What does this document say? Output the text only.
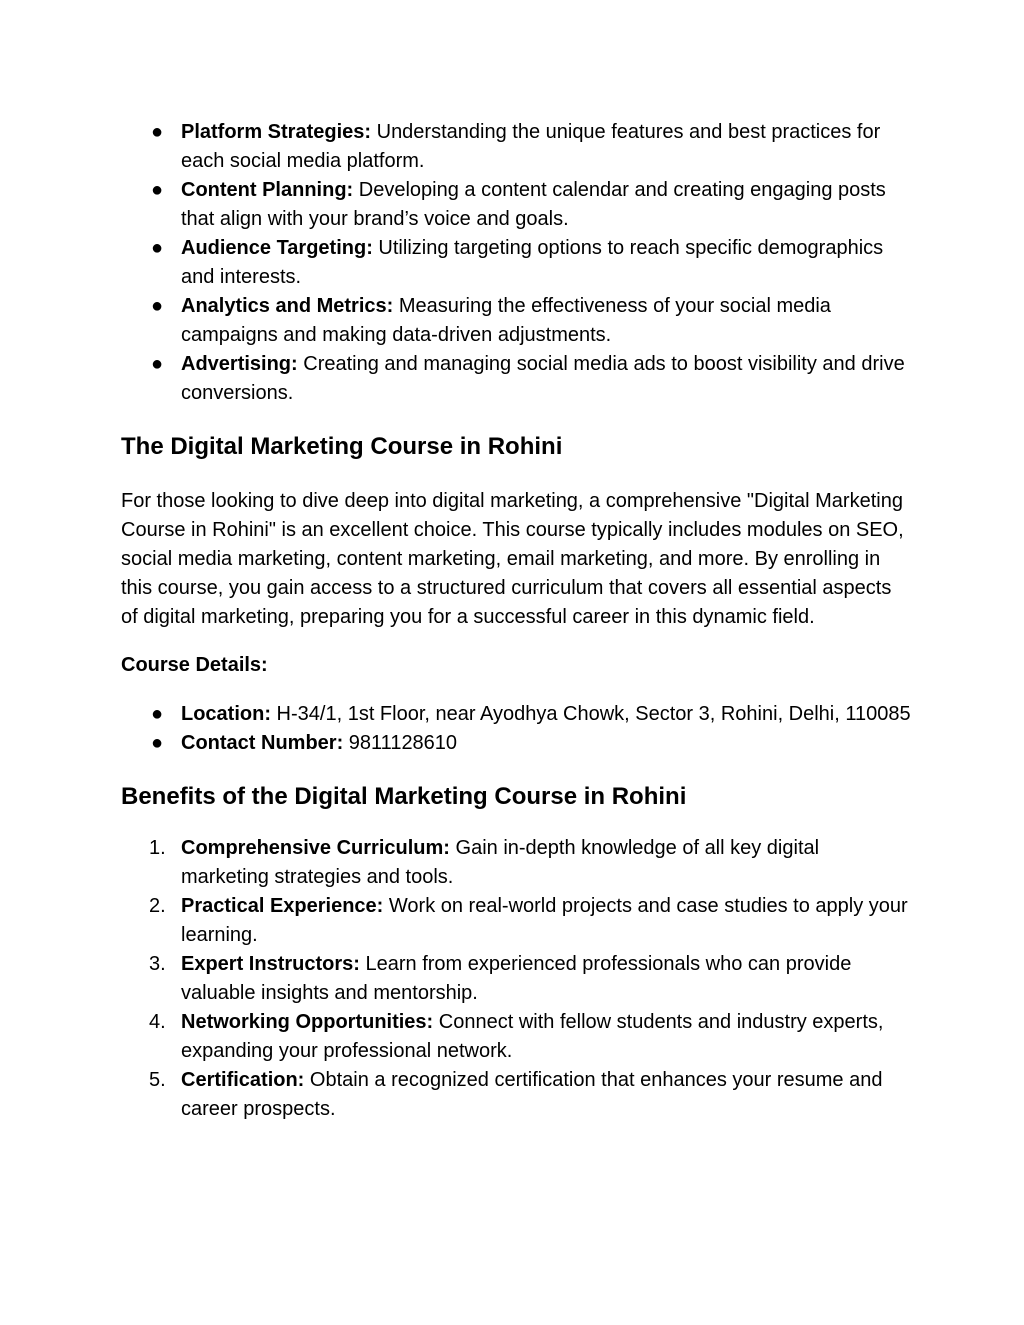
● Platform Strategies: Understanding the unique features and best practices for each social media platform.
● Content Planning: Developing a content calendar and creating engaging posts that align with your brand’s voice and goals.
● Audience Targeting: Utilizing targeting options to reach specific demographics and interests.
● Analytics and Metrics: Measuring the effectiveness of your social media campaigns and making data-driven adjustments.
● Advertising: Creating and managing social media ads to boost visibility and drive conversions.
The Digital Marketing Course in Rohini

For those looking to dive deep into digital marketing, a comprehensive "Digital Marketing Course in Rohini" is an excellent choice. This course typically includes modules on SEO, social media marketing, content marketing, email marketing, and more. By enrolling in this course, you gain access to a structured curriculum that covers all essential aspects of digital marketing, preparing you for a successful career in this dynamic field.

Course Details:

● Location: H-34/1, 1st Floor, near Ayodhya Chowk, Sector 3, Rohini, Delhi, 110085
● Contact Number: 9811128610
Benefits of the Digital Marketing Course in Rohini
1. Comprehensive Curriculum: Gain in-depth knowledge of all key digital marketing strategies and tools.
2. Practical Experience: Work on real-world projects and case studies to apply your learning.
3. Expert Instructors: Learn from experienced professionals who can provide valuable insights and mentorship.
4. Networking Opportunities: Connect with fellow students and industry experts, expanding your professional network.
5. Certification: Obtain a recognized certification that enhances your resume and career prospects.
